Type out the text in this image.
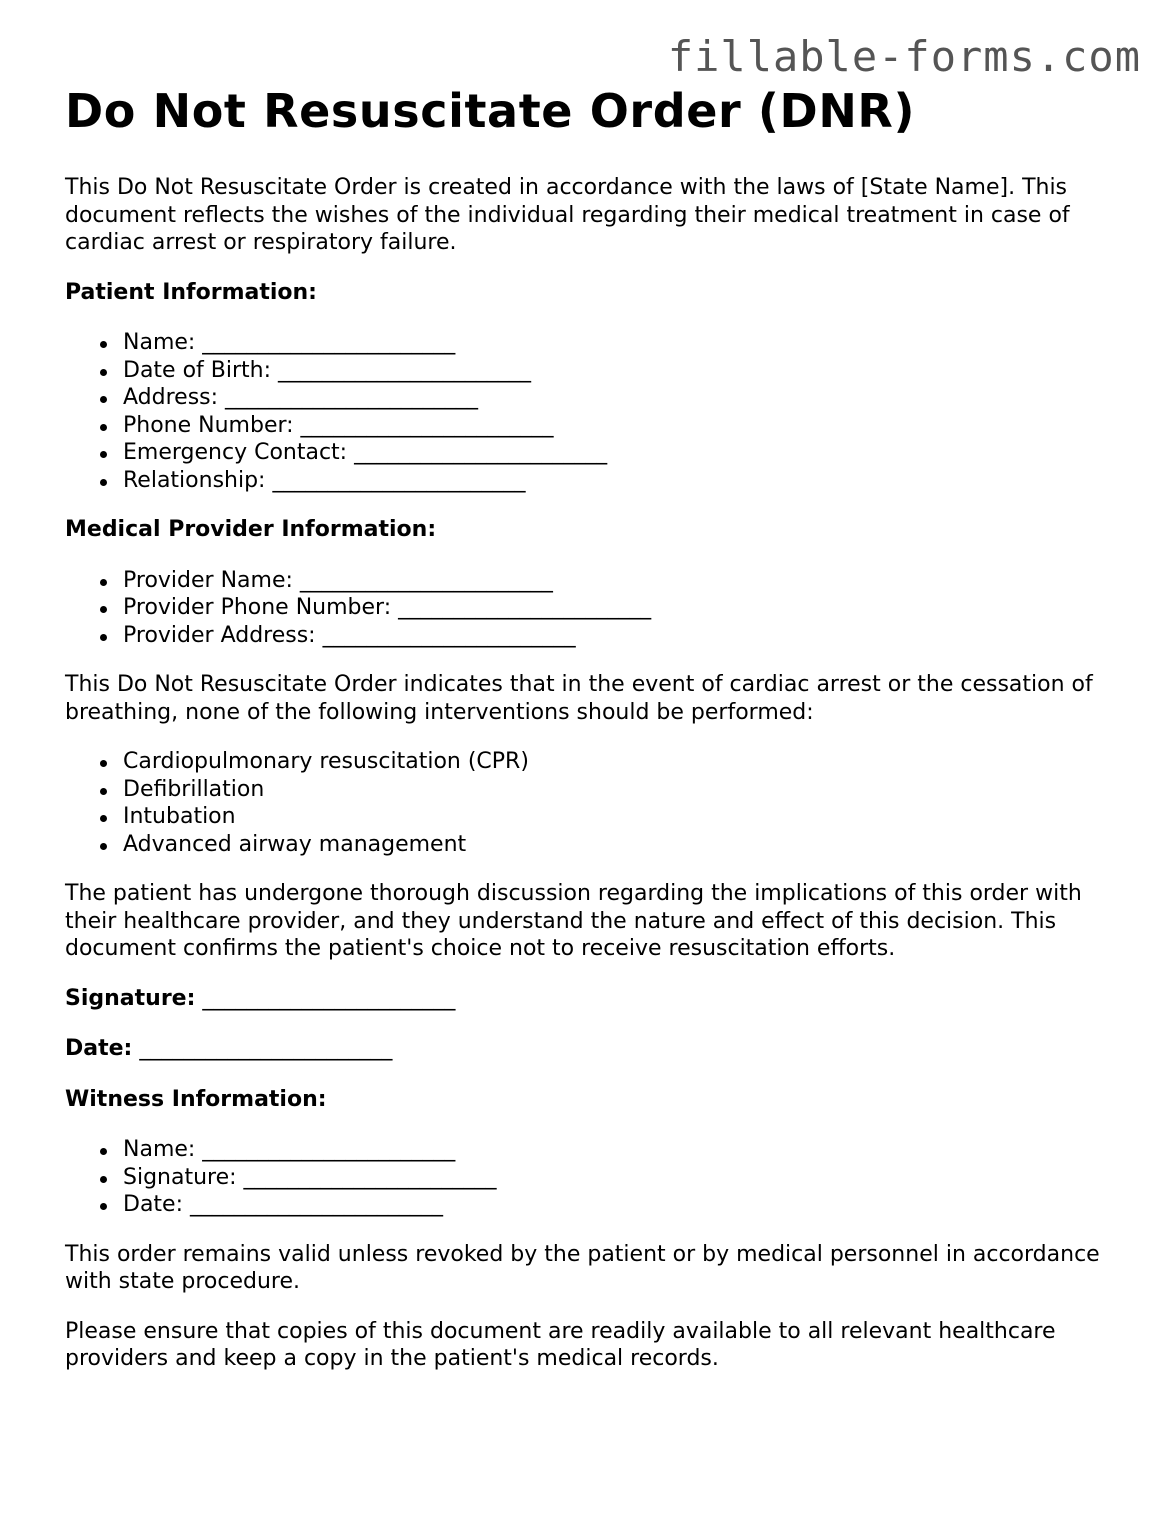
fillable-forms.com
Do Not Resuscitate Order (DNR)

This Do Not Resuscitate Order is created in accordance with the laws of [State Name]. This document reflects the wishes of the individual regarding their medical treatment in case of cardiac arrest or respiratory failure.

Patient Information:
Name: _______________________
Date of Birth: _______________________
Address: _______________________
Phone Number: _______________________
Emergency Contact: _______________________
Relationship: _______________________
Medical Provider Information:
Provider Name: _______________________
Provider Phone Number: _______________________
Provider Address: _______________________

This Do Not Resuscitate Order indicates that in the event of cardiac arrest or the cessation of breathing, none of the following interventions should be performed:

Cardiopulmonary resuscitation (CPR)
Defibrillation
Intubation
Advanced airway management

The patient has undergone thorough discussion regarding the implications of this order with their healthcare provider, and they understand the nature and effect of this decision. This document confirms the patient's choice not to receive resuscitation efforts.

Signature: _______________________
Date: _______________________
Witness Information:
Name: _______________________
Signature: _______________________
Date: _______________________

This order remains valid unless revoked by the patient or by medical personnel in accordance with state procedure.

Please ensure that copies of this document are readily available to all relevant healthcare providers and keep a copy in the patient's medical records.
